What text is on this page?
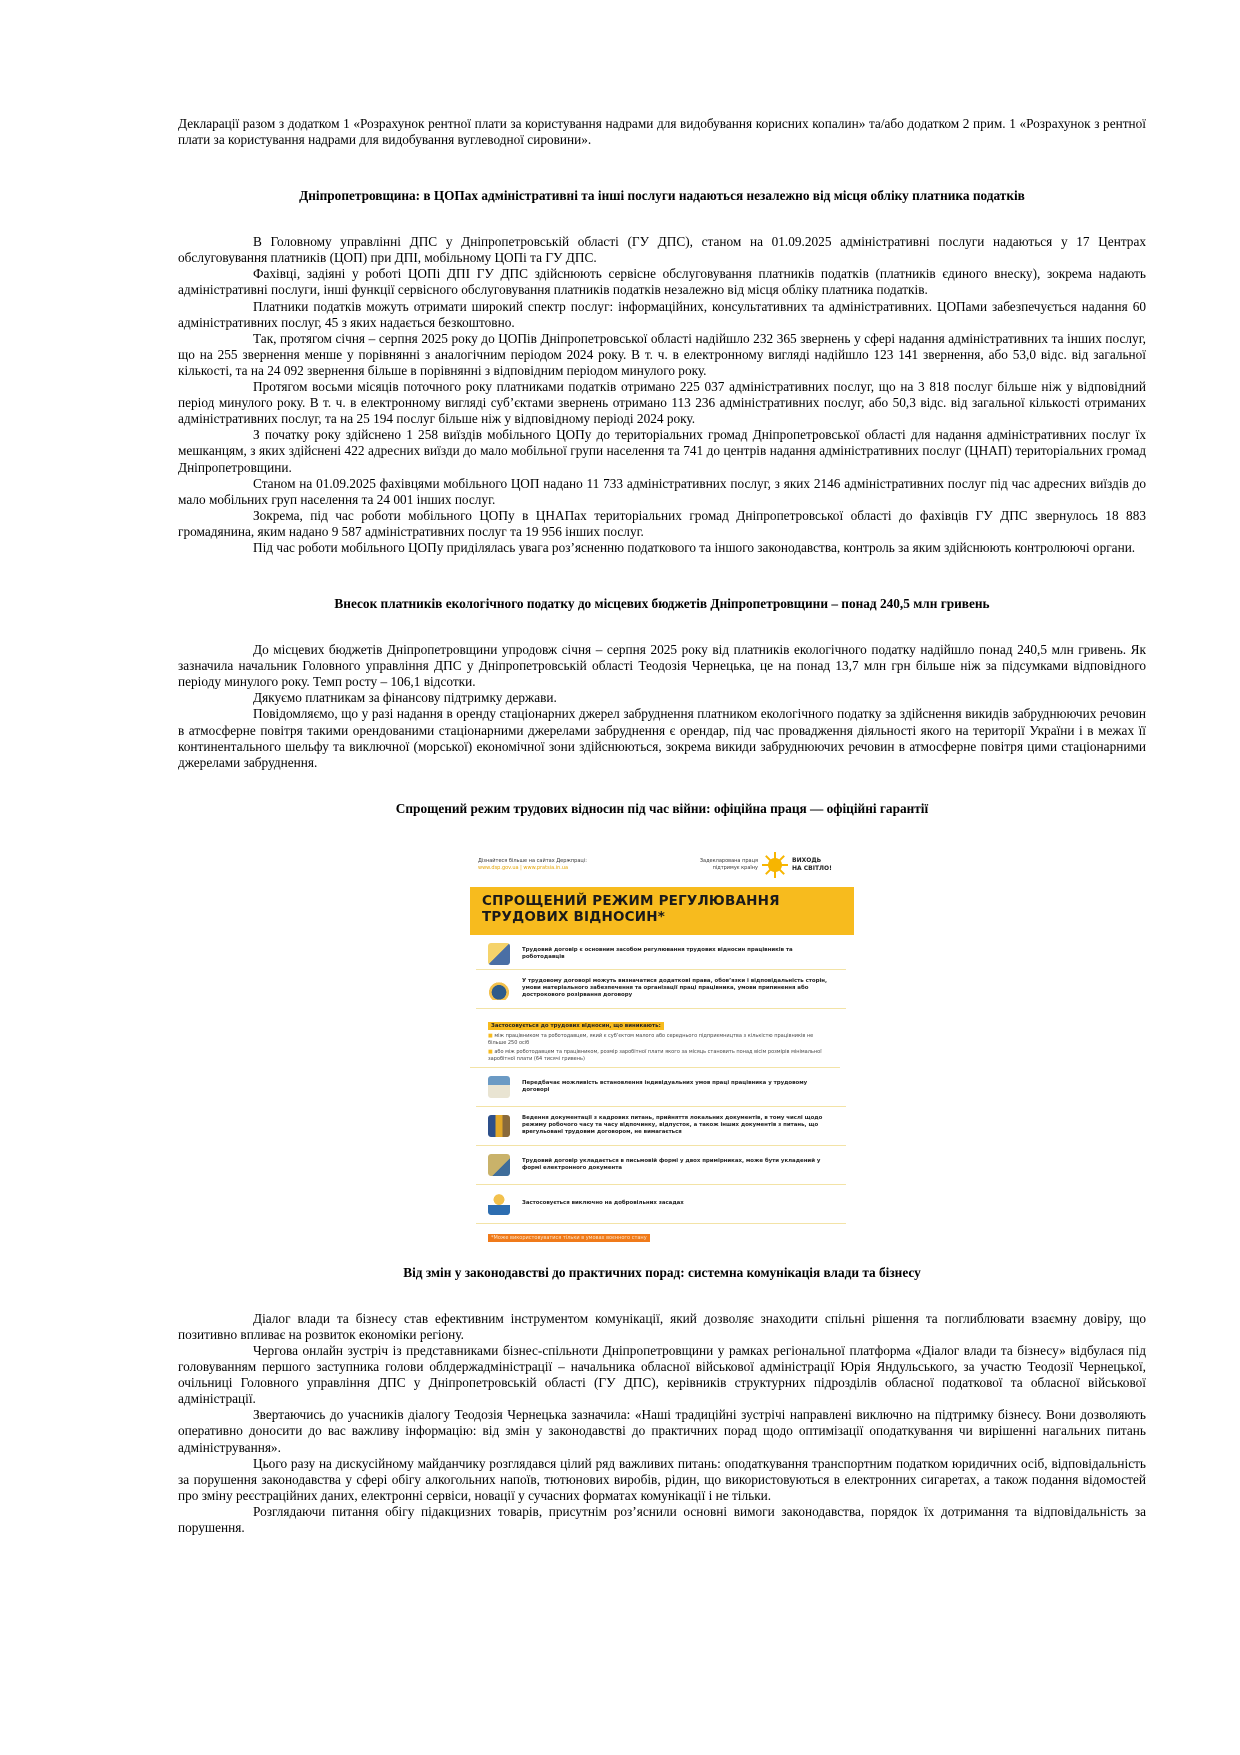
Декларації разом з додатком 1 «Розрахунок рентної плати за користування надрами для видобування корисних копалин» та/або додатком 2 прим. 1 «Розрахунок з рентної плати за користування надрами для видобування вуглеводної сировини».

Дніпропетровщина: в ЦОПах адміністративні та інші послуги надаються незалежно від місця обліку платника податків

В Головному управлінні ДПС у Дніпропетровській області (ГУ ДПС), станом на 01.09.2025 адміністративні послуги надаються у 17 Центрах обслуговування платників (ЦОП) при ДПІ, мобільному ЦОПі та ГУ ДПС.

Фахівці, задіяні у роботі ЦОПі ДПІ ГУ ДПС здійснюють сервісне обслуговування платників податків (платників єдиного внеску), зокрема надають адміністративні послуги, інші функції сервісного обслуговування платників податків незалежно від місця обліку платника податків.

Платники податків можуть отримати широкий спектр послуг: інформаційних, консультативних та адміністративних. ЦОПами забезпечується надання 60 адміністративних послуг, 45 з яких надається безкоштовно.

Так, протягом січня – серпня 2025 року до ЦОПів Дніпропетровської області надійшло 232 365 звернень у сфері надання адміністративних та інших послуг, що на 255 звернення менше у порівнянні з аналогічним періодом 2024 року. В т. ч. в електронному вигляді надійшло 123 141 звернення, або 53,0 відс. від загальної кількості, та на 24 092 звернення більше в порівнянні з відповідним періодом минулого року.

Протягом восьми місяців поточного року платниками податків отримано 225 037 адміністративних послуг, що на 3 818 послуг більше ніж у відповідний період минулого року. В т. ч. в електронному вигляді суб’єктами звернень отримано 113 236 адміністративних послуг, або 50,3 відс. від загальної кількості отриманих адміністративних послуг, та на 25 194 послуг більше ніж у відповідному періоді 2024 року.

З початку року здійснено 1 258 виїздів мобільного ЦОПу до територіальних громад Дніпропетровської області для надання адміністративних послуг їх мешканцям, з яких здійснені 422 адресних виїзди до мало мобільної групи населення та 741 до центрів надання адміністративних послуг (ЦНАП) територіальних громад Дніпропетровщини.

Станом на 01.09.2025 фахівцями мобільного ЦОП надано 11 733 адміністративних послуг, з яких 2146 адміністративних послуг під час адресних виїздів до мало мобільних груп населення та 24 001 інших послуг.

Зокрема, під час роботи мобільного ЦОПу в ЦНАПах територіальних громад Дніпропетровської області до фахівців ГУ ДПС звернулось 18 883 громадянина, яким надано 9 587 адміністративних послуг та 19 956 інших послуг.

Під час роботи мобільного ЦОПу приділялась увага роз’ясненню податкового та іншого законодавства, контроль за яким здійснюють контролюючі органи.

Внесок платників екологічного податку до місцевих бюджетів Дніпропетровщини – понад 240,5 млн гривень

До місцевих бюджетів Дніпропетровщини упродовж січня – серпня 2025 року від платників екологічного податку надійшло понад 240,5 млн гривень. Як зазначила начальник Головного управління ДПС у Дніпропетровській області Теодозія Чернецька, це на понад 13,7 млн грн більше ніж за підсумками відповідного періоду минулого року. Темп росту – 106,1 відсотки.

Дякуємо платникам за фінансову підтримку держави.

Повідомляємо, що у разі надання в оренду стаціонарних джерел забруднення платником екологічного податку за здійснення викидів забруднюючих речовин в атмосферне повітря такими орендованими стаціонарними джерелами забруднення є орендар, під час провадження діяльності якого на території України і в межах її континентального шельфу та виключної (морської) економічної зони здійснюються, зокрема викиди забруднюючих речовин в атмосферне повітря цими стаціонарними джерелами забруднення.

Спрощений режим трудових відносин під час війни: офіційна праця — офіційні гарантії
Дізнайтеся більше на сайтах Держпраці:
www.dsp.gov.ua | www.pratsia.in.ua
Задекларована праця
підтримує країну
ВИХОДЬ
НА СВІТЛО!
СПРОЩЕНИЙ РЕЖИМ РЕГУЛЮВАННЯ
ТРУДОВИХ ВІДНОСИН*
Трудовий договір є основним засобом регулювання трудових відносин працівників та роботодавців
У трудовому договорі можуть визначатися додаткові права, обов’язки і відповідальність сторін, умови матеріального забезпечення та організації праці працівника, умови припинення або дострокового розірвання договору
Застосовується до трудових відносин, що виникають:
■ між працівником та роботодавцем, який є суб’єктом малого або середнього підприємництва з кількістю працівників не більше 250 осіб
■ або між роботодавцем та працівником, розмір заробітної плати якого за місяць становить понад вісім розмірів мінімальної заробітної плати (64 тисячі гривень)
Передбачає можливість встановлення індивідуальних умов праці працівника у трудовому договорі
Ведення документації з кадрових питань, прийняття локальних документів, в тому числі щодо режиму робочого часу та часу відпочинку, відпусток, а також інших документів з питань, що врегульовані трудовим договором, не вимагається
Трудовий договір укладається в письмовій формі у двох примірниках, може бути укладений у формі електронного документа
Застосовується виключно на добровільних засадах
*Може використовуватися тільки в умовах воєнного стану
Від змін у законодавстві до практичних порад: системна комунікація влади та бізнесу

Діалог влади та бізнесу став ефективним інструментом комунікації, який дозволяє знаходити спільні рішення та поглиблювати взаємну довіру, що позитивно впливає на розвиток економіки регіону.

Чергова онлайн зустріч із представниками бізнес-спільноти Дніпропетровщини у рамках регіональної платформа «Діалог влади та бізнесу» відбулася під головуванням першого заступника голови облдержадміністрації – начальника обласної військової адміністрації Юрія Яндульського, за участю Теодозії Чернецької, очільниці Головного управління ДПС у Дніпропетровській області (ГУ ДПС), керівників структурних підрозділів обласної податкової та обласної військової адміністрації.

Звертаючись до учасників діалогу Теодозія Чернецька зазначила: «Наші традиційні зустрічі направлені виключно на підтримку бізнесу. Вони дозволяють оперативно доносити до вас важливу інформацію: від змін у законодавстві до практичних порад щодо оптимізації оподаткування чи вирішенні нагальних питань адміністрування».

Цього разу на дискусійному майданчику розглядався цілий ряд важливих питань: оподаткування транспортним податком юридичних осіб, відповідальність за порушення законодавства у сфері обігу алкогольних напоїв, тютюнових виробів, рідин, що використовуються в електронних сигаретах, а також подання відомостей про зміну реєстраційних даних, електронні сервіси, новації у сучасних форматах комунікації і не тільки.

Розглядаючи питання обігу підакцизних товарів, присутнім роз’яснили основні вимоги законодавства, порядок їх дотримання та відповідальність за порушення.
